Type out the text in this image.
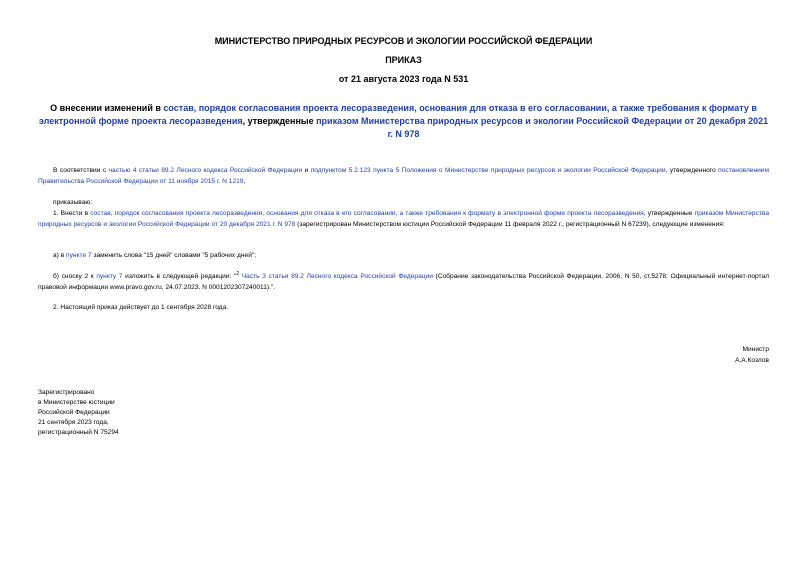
МИНИСТЕРСТВО ПРИРОДНЫХ РЕСУРСОВ И ЭКОЛОГИИ РОССИЙСКОЙ ФЕДЕРАЦИИ
ПРИКАЗ
от 21 августа 2023 года N 531
О внесении изменений в состав, порядок согласования проекта лесоразведения, основания для отказа в его согласовании, а также требования к формату в электронной форме проекта лесоразведения, утвержденные приказом Министерства природных ресурсов и экологии Российской Федерации от 20 декабря 2021 г. N 978
В соответствии с частью 4 статьи 89.2 Лесного кодекса Российской Федерации и подпунктом 5.2.123 пункта 5 Положения о Министерстве природных ресурсов и экологии Российской Федерации, утвержденного постановлением Правительства Российской Федерации от 11 ноября 2015 г. N 1219,
приказываю:
1. Внести в состав, порядок согласования проекта лесоразведения, основания для отказа в его согласовании, а также требования к формату в электронной форме проекта лесоразведения, утвержденные приказом Министерства природных ресурсов и экологии Российской Федерации от 20 декабря 2021 г. N 978 (зарегистрирован Министерством юстиции Российской Федерации 11 февраля 2022 г., регистрационный N 67239), следующие изменения:
а) в пункте 7 заменить слова "15 дней" словами "5 рабочих дней";
б) сноску 2 к пункту 7 изложить в следующей редакции: "$^2$ Часть 3 статьи 89.2 Лесного кодекса Российской Федерации (Собрание законодательства Российской Федерации, 2006, N 50, ст.5278; Официальный интернет-портал правовой информации www.pravo.gov.ru, 24.07.2023, N 0001202307240011).".
2. Настоящий приказ действует до 1 сентября 2028 года.
Министр
А.А.Козлов
Зарегистрировано
в Министерстве юстиции
Российской Федерации
21 сентября 2023 года,
регистрационный N 75294
